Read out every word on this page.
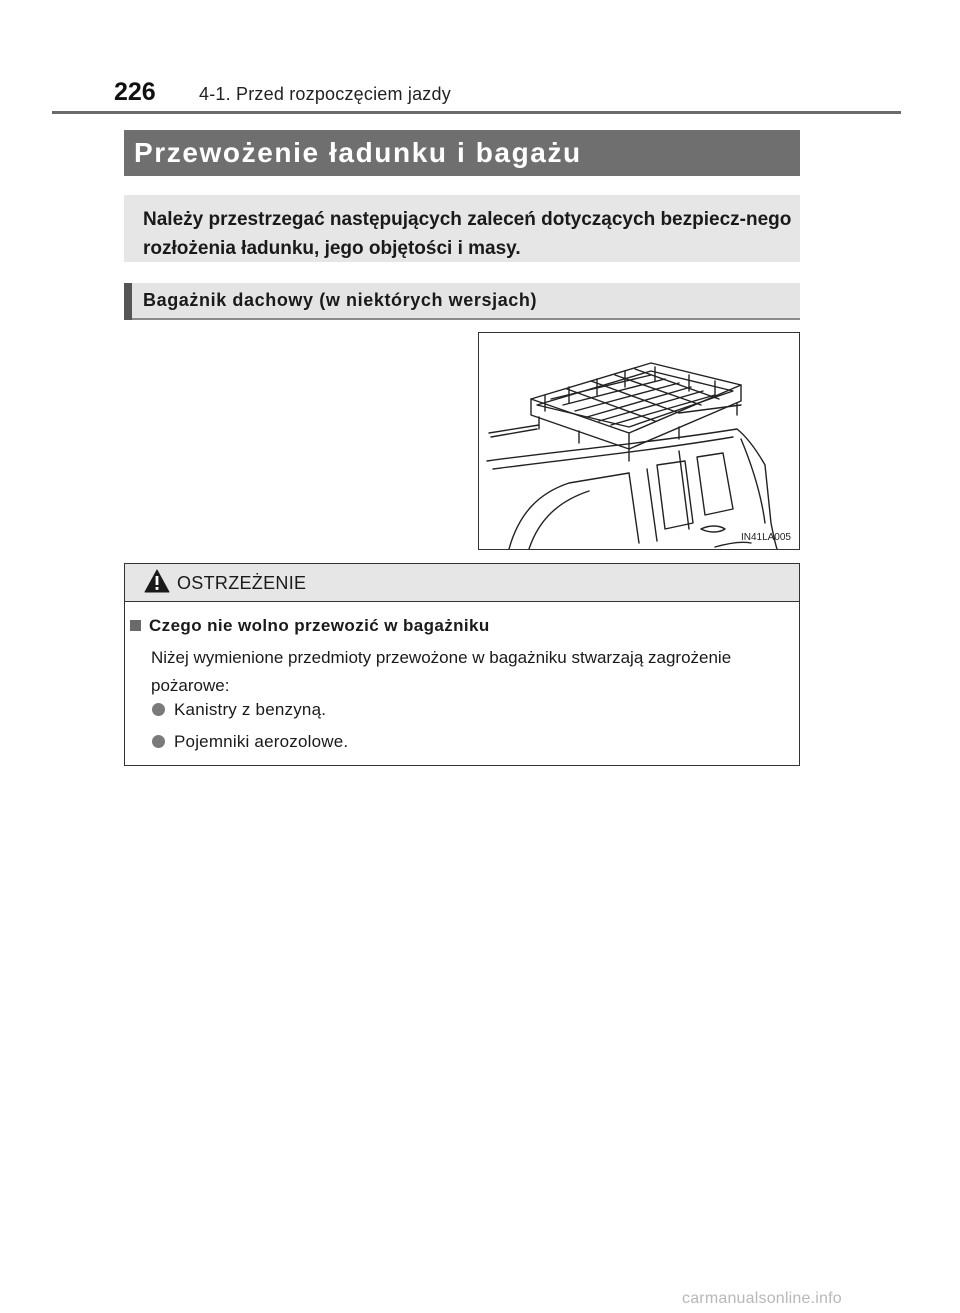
226 4-1. Przed rozpoczęciem jazdy
Przewożenie ładunku i bagażu

Należy przestrzegać następujących zaleceń dotyczących bezpiecz-nego rozłożenia ładunku, jego objętości i masy.

Bagażnik dachowy (w niektórych wersjach)
IN41LA005
OSTRZEŻENIE
Czego nie wolno przewozić w bagażniku

Niżej wymienione przedmioty przewożone w bagażniku stwarzają zagrożenie pożarowe:

Kanistry z benzyną.
Pojemniki aerozolowe.
carmanualsonline.info
